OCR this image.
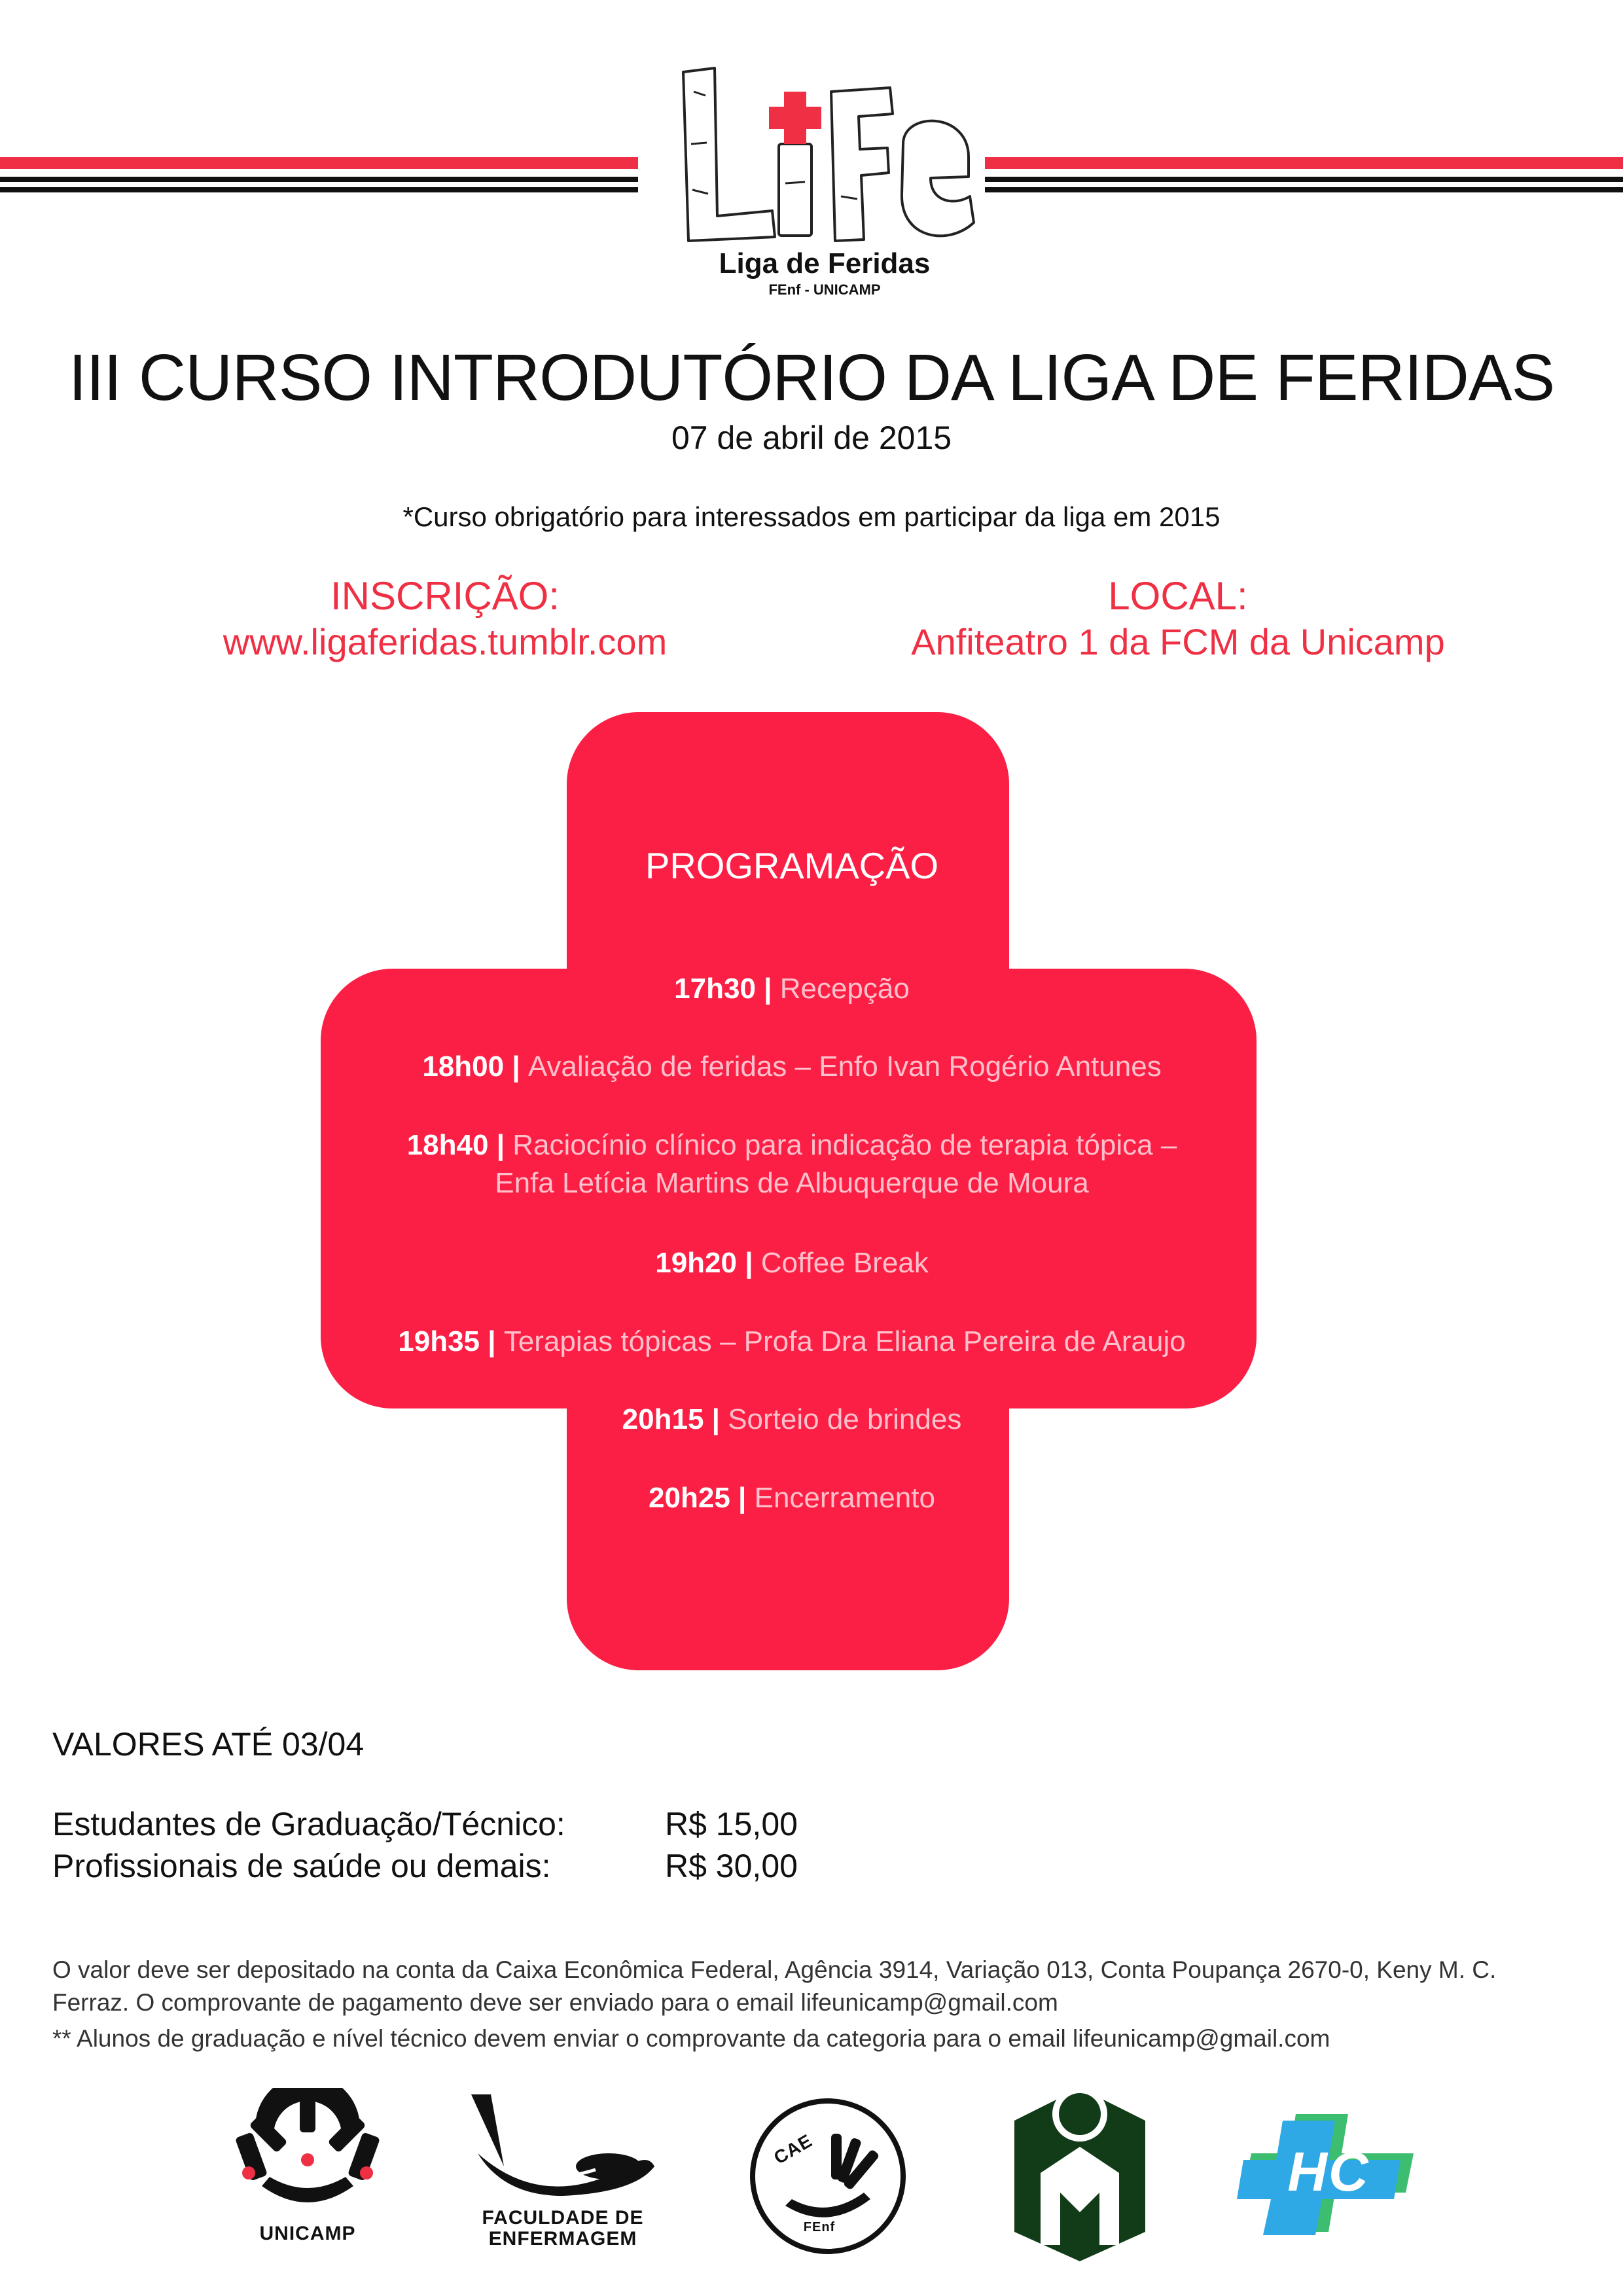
Liga de Feridas
FEnf - UNICAMP
III CURSO INTRODUTÓRIO DA LIGA DE FERIDAS
07 de abril de 2015
*Curso obrigatório para interessados em participar da liga em 2015
INSCRIÇÃO:
www.ligaferidas.tumblr.com
LOCAL:
Anfiteatro 1 da FCM da Unicamp
PROGRAMAÇÃO
17h30 | Recepção
18h00 | Avaliação de feridas – Enfo Ivan Rogério Antunes
18h40 | Raciocínio clínico para indicação de terapia tópica –
Enfa Letícia Martins de Albuquerque de Moura
19h20 | Coffee Break
19h35 | Terapias tópicas – Profa Dra Eliana Pereira de Araujo
20h15 | Sorteio de brindes
20h25 | Encerramento
VALORES ATÉ 03/04
Estudantes de Graduação/Técnico:	R$ 15,00
Profissionais de saúde ou demais:	R$ 30,00
O valor deve ser depositado na conta da Caixa Econômica Federal, Agência 3914, Variação 013, Conta Poupança 2670-0, Keny M. C. Ferraz. O comprovante de pagamento deve ser enviado para o email lifeunicamp@gmail.com
** Alunos de graduação e nível técnico devem enviar o comprovante da categoria para o email lifeunicamp@gmail.com
UNICAMP
FACULDADE DE
ENFERMAGEM
CAE
FEnf
HC
